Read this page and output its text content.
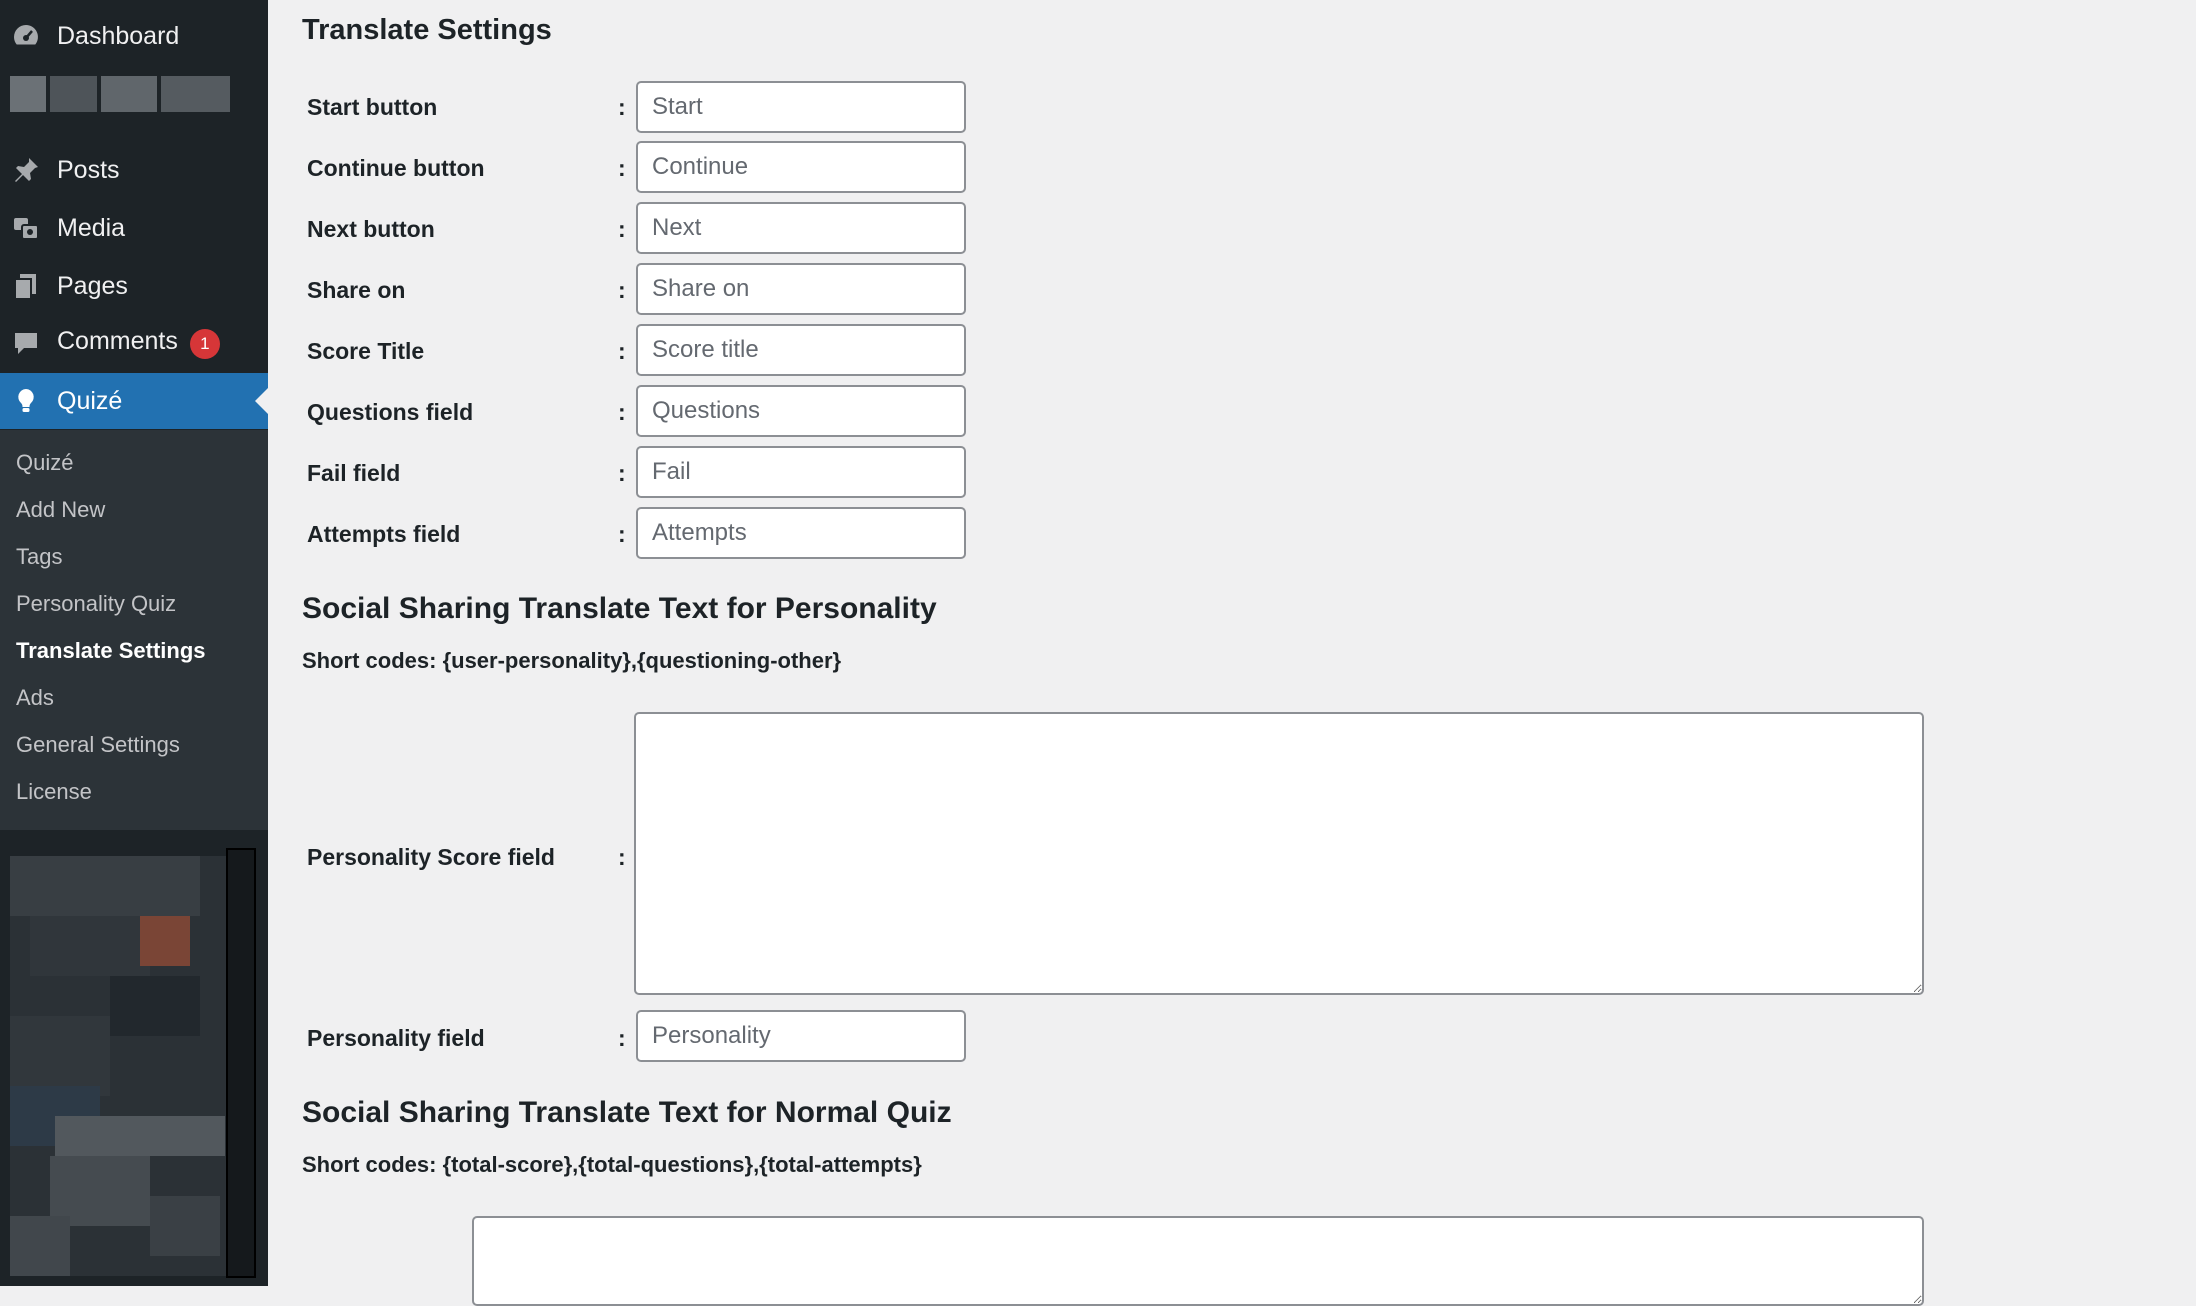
Dashboard
Posts
Media
Pages
Comments 1
Quizé
Quizé
Add New
Tags
Personality Quiz
Translate Settings
Ads
General Settings
License
Translate Settings
Start button	:
Start
Continue button	:
Continue
Next button	:
Next
Share on	:
Share on
Score Title	:
Score title
Questions field	:
Questions
Fail field	:
Fail
Attempts field	:
Attempts
Social Sharing Translate Text for Personality
Short codes: {user-personality},{questioning-other}
Personality Score field	:
Personality field	:
Personality
Social Sharing Translate Text for Normal Quiz
Short codes: {total-score},{total-questions},{total-attempts}
